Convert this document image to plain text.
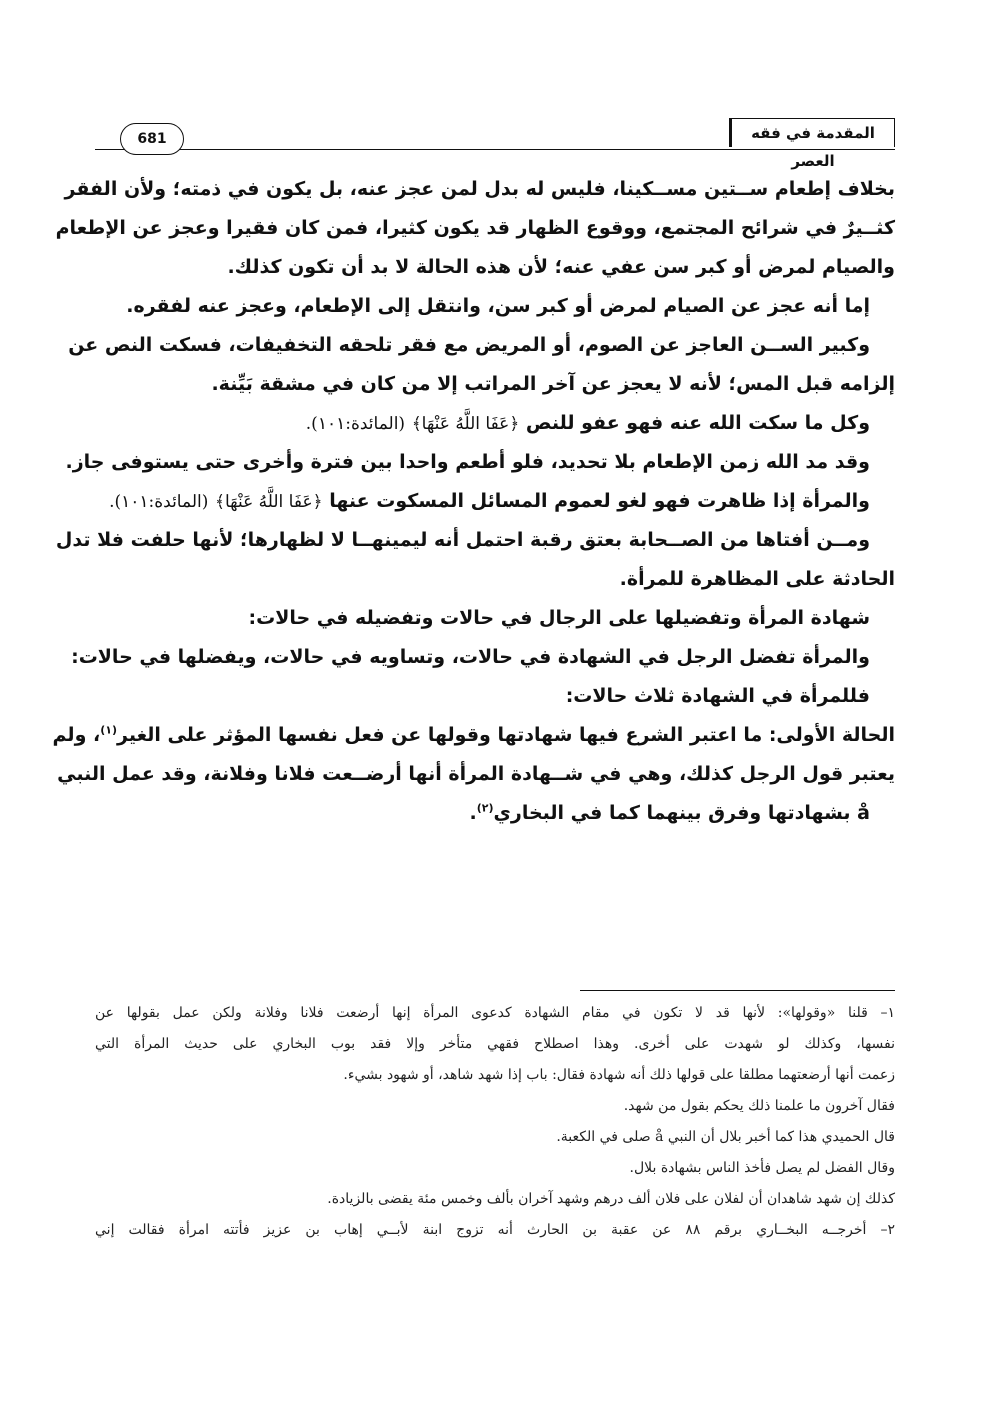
المقدمة في فقه العصر
681
بخلاف إطعام ســتين مســكينا، فليس له بدل لمن عجز عنه، بل يكون في ذمته؛ ولأن الفقر
كثــيرٌ في شرائح المجتمع، ووقوع الظهار قد يكون كثيرا، فمن كان فقيرا وعجز عن الإطعام
والصيام لمرض أو كبر سن عفي عنه؛ لأن هذه الحالة لا بد أن تكون كذلك.
إما أنه عجز عن الصيام لمرض أو كبر سن، وانتقل إلى الإطعام، وعجز عنه لفقره.
وكبير الســن العاجز عن الصوم، أو المريض مع فقر تلحقه التخفيفات، فسكت النص عن
إلزامه قبل المس؛ لأنه لا يعجز عن آخر المراتب إلا من كان في مشقة بَيِّنة.
وكل ما سكت الله عنه فهو عفو للنص ﴿عَفَا اللَّهُ عَنْهَا﴾ (المائدة:١٠١).
وقد مد الله زمن الإطعام بلا تحديد، فلو أطعم واحدا بين فترة وأخرى حتى يستوفى جاز.
والمرأة إذا ظاهرت فهو لغو لعموم المسائل المسكوت عنها ﴿عَفَا اللَّهُ عَنْهَا﴾ (المائدة:١٠١).
ومــن أفتاها من الصــحابة بعتق رقبة احتمل أنه ليمينهــا لا لظهارها؛ لأنها حلفت فلا تدل
الحادثة على المظاهرة للمرأة.
شهادة المرأة وتفضيلها على الرجال في حالات وتفضيله في حالات:
والمرأة تفضل الرجل في الشهادة في حالات، وتساويه في حالات، ويفضلها في حالات:
فللمرأة في الشهادة ثلاث حالات:
الحالة الأولى: ما اعتبر الشرع فيها شهادتها وقولها عن فعل نفسها المؤثر على الغير$^{(١)}$، ولم
يعتبر قول الرجل كذلك، وهي في شــهادة المرأة أنها أرضــعت فلانا وفلانة، وقد عمل النبي
å بشهادتها وفرق بينهما كما في البخاري$^{(٢)}$.
١– قلنا «وقولها»: لأنها قد لا تكون في مقام الشهادة كدعوى المرأة إنها أرضعت فلانا وفلانة ولكن عمل بقولها عن
نفسها، وكذلك لو شهدت على أخرى. وهذا اصطلاح فقهي متأخر وإلا فقد بوب البخاري على حديث المرأة التي
زعمت أنها أرضعتهما مطلقا على قولها ذلك أنه شهادة فقال: باب إذا شهد شاهد، أو شهود بشيء.
فقال آخرون ما علمنا ذلك يحكم بقول من شهد.
قال الحميدي هذا كما أخبر بلال أن النبي å صلى في الكعبة.
وقال الفضل لم يصل فأخذ الناس بشهادة بلال.
كذلك إن شهد شاهدان أن لفلان على فلان ألف درهم وشهد آخران بألف وخمس مئة يقضى بالزيادة.
٢– أخرجــه البخــاري برقم ٨٨ عن عقبة بن الحارث أنه تزوج ابنة لأبــي إهاب بن عزيز فأتته امرأة فقالت إني
